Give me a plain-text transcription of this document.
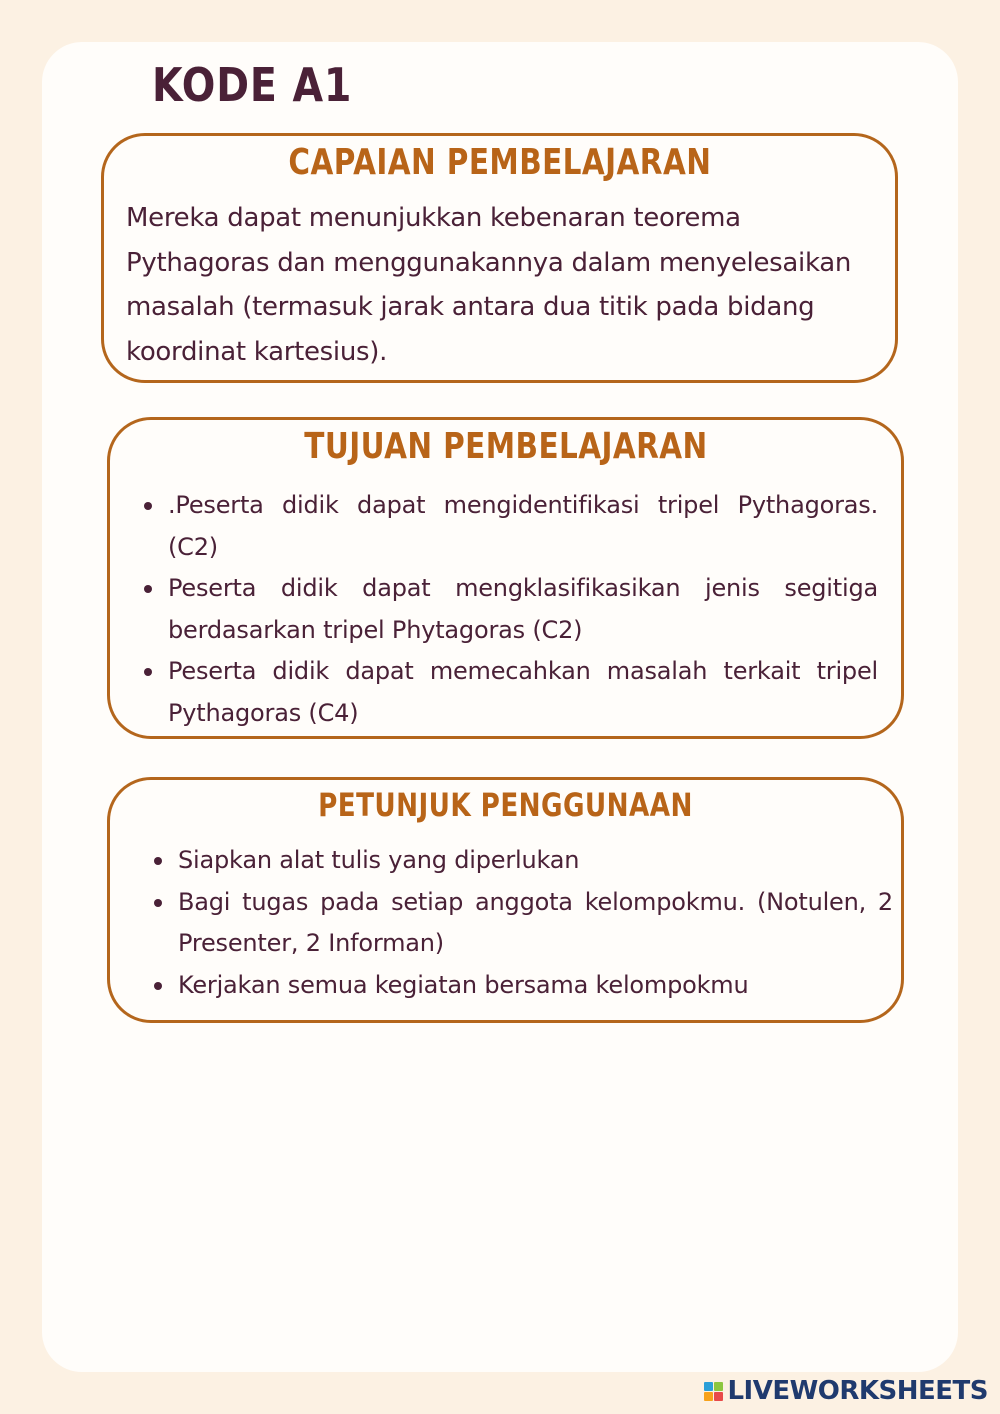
KODE A1
CAPAIAN PEMBELAJARAN
Mereka dapat menunjukkan kebenaran teorema Pythagoras dan menggunakannya dalam menyelesaikan masalah (termasuk jarak antara dua titik pada bidang koordinat kartesius).
TUJUAN PEMBELAJARAN
.Peserta didik dapat mengidentifikasi tripel Pythagoras. (C2)
Peserta didik dapat mengklasifikasikan jenis segitiga berdasarkan tripel Phytagoras (C2)
Peserta didik dapat memecahkan masalah terkait tripel Pythagoras (C4)
PETUNJUK PENGGUNAAN
Siapkan alat tulis yang diperlukan
Bagi tugas pada setiap anggota kelompokmu. (Notulen, 2 Presenter, 2 Informan)
Kerjakan semua kegiatan bersama kelompokmu
LIVEWORKSHEETS
